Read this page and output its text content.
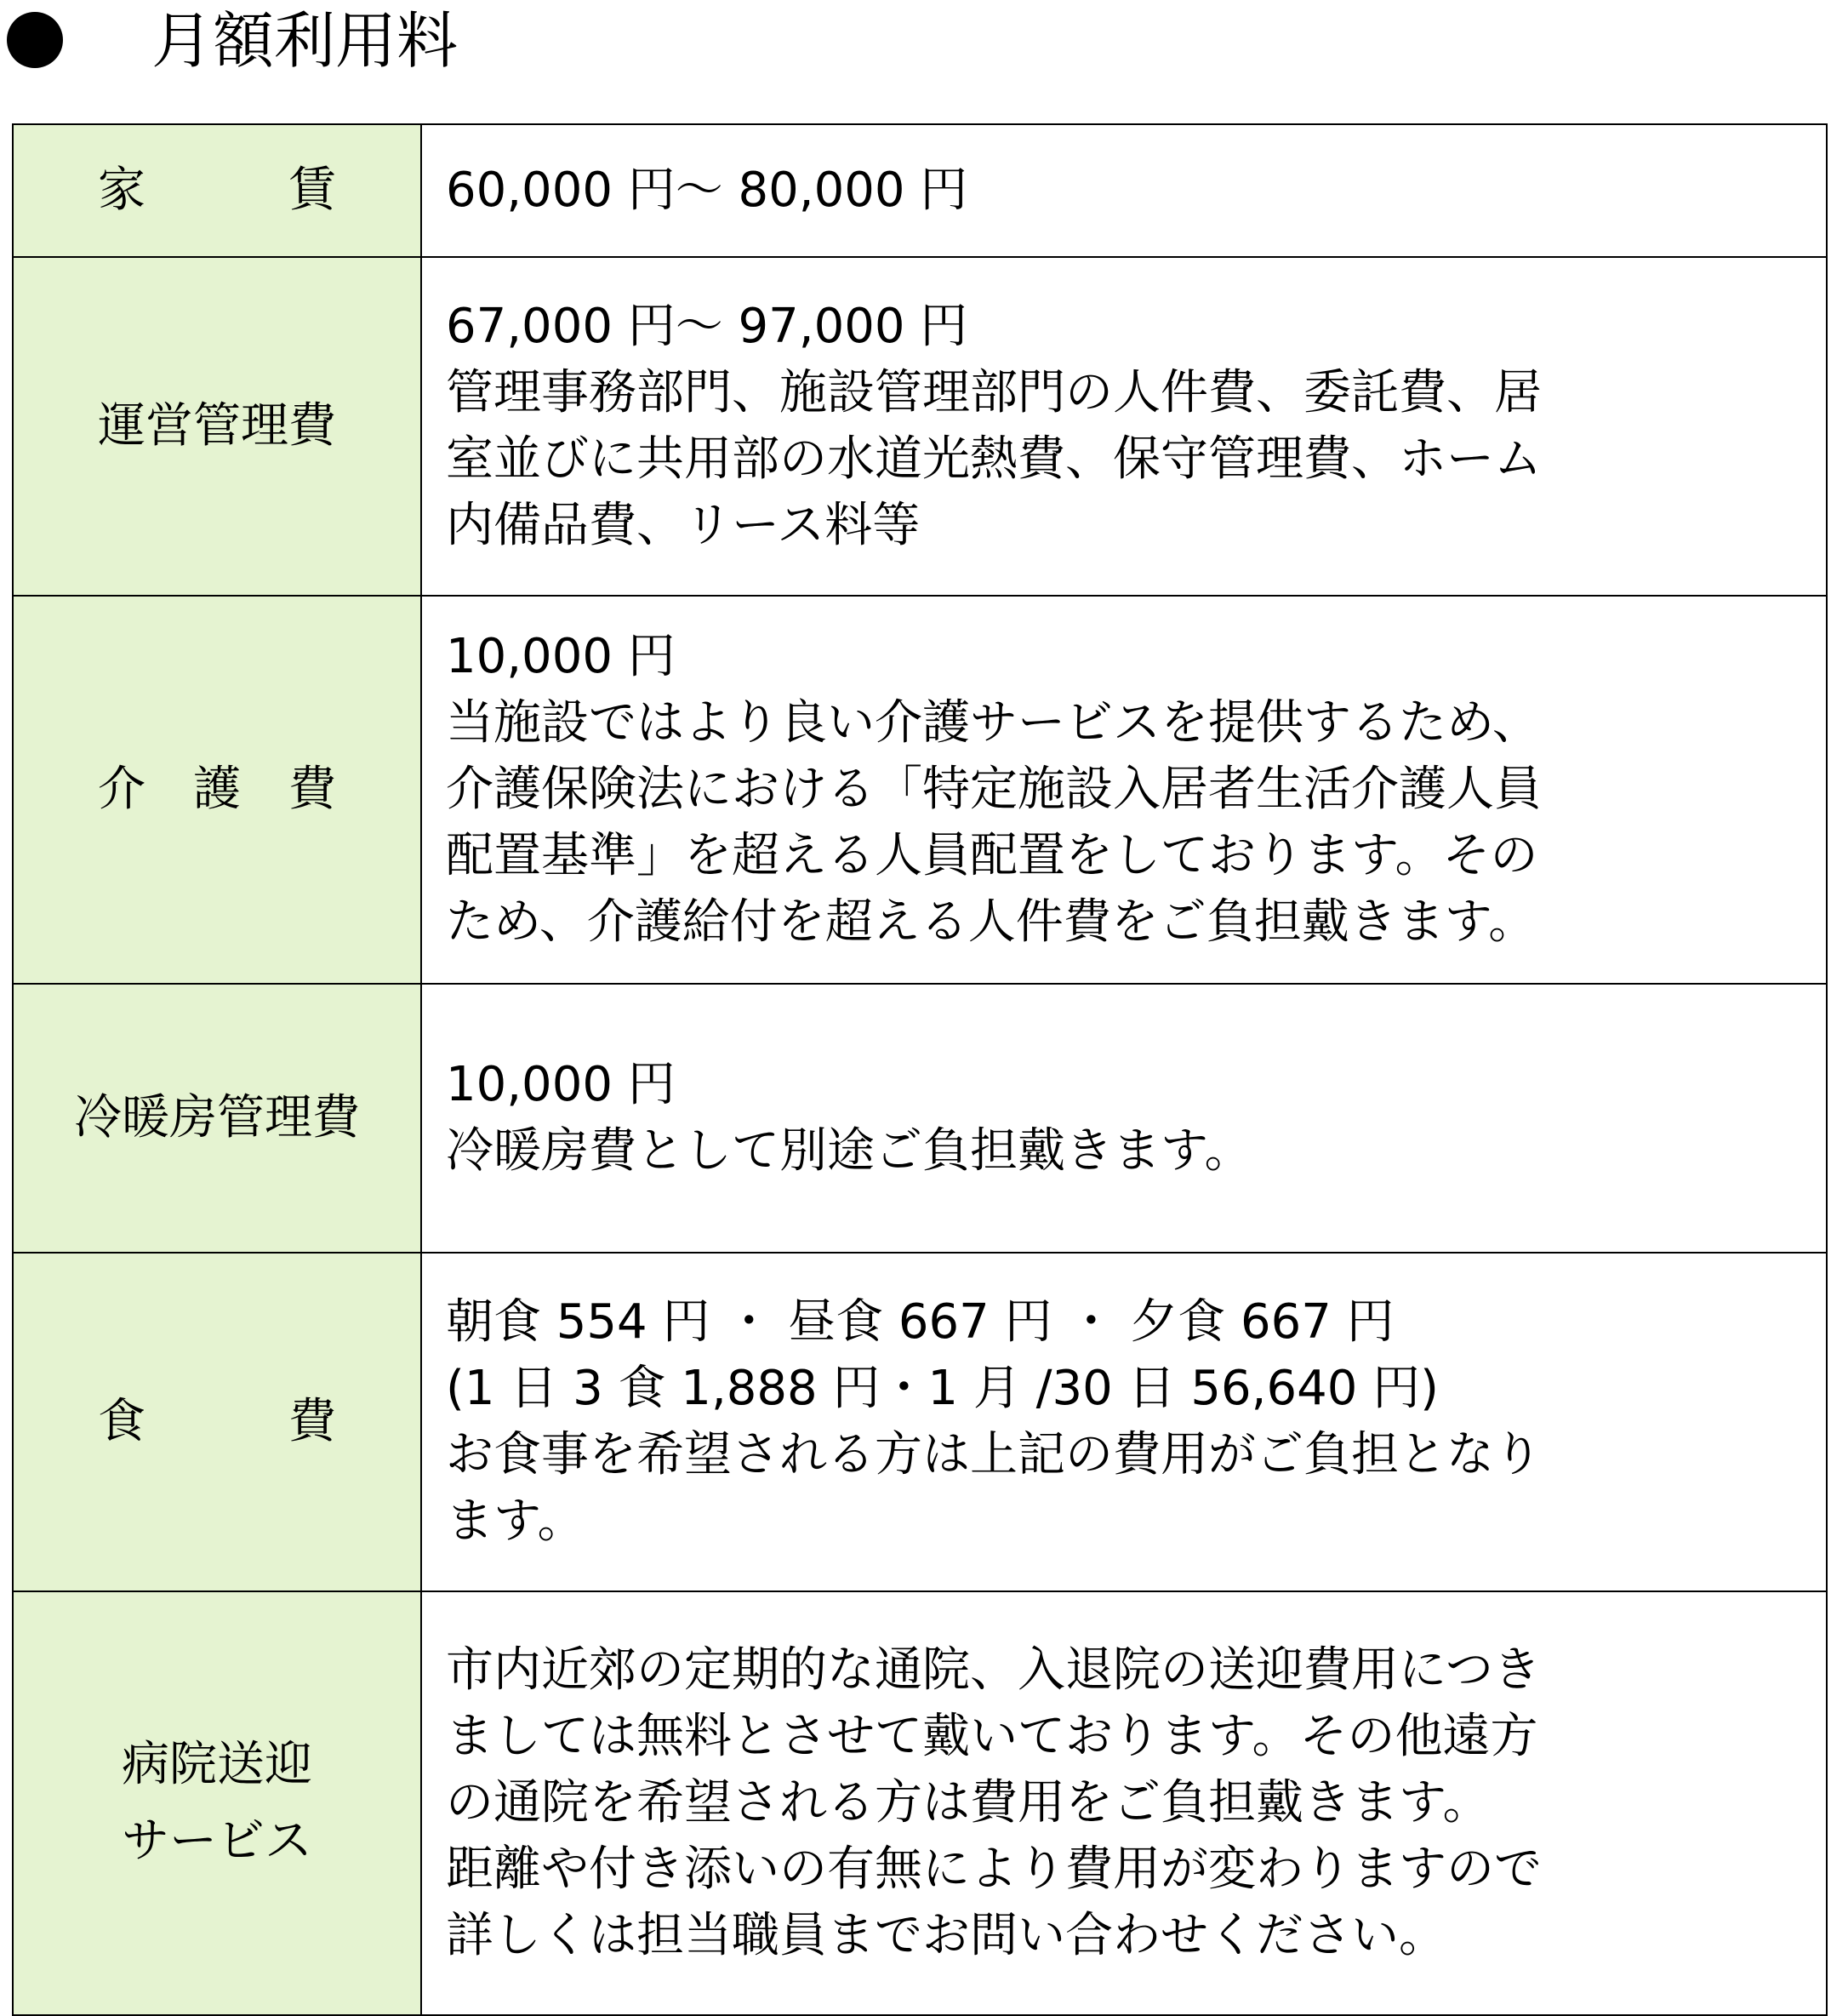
月額利用料
家　　　賃	60,000 円～ 80,000 円

運営管理費	67,000 円～ 97,000 円
管理事務部門、施設管理部門の人件費、委託費、居
室並びに共用部の水道光熱費、保守管理費、ホーム
内備品費、リース料等

介　護　費	10,000 円
当施設ではより良い介護サービスを提供するため、
介護保険法における「特定施設入居者生活介護人員
配置基準」を超える人員配置をしております。その
ため、介護給付を超える人件費をご負担戴きます。

冷暖房管理費	10,000 円
冷暖房費として別途ご負担戴きます。

食　　　費	朝食 554 円 ・ 昼食 667 円 ・ 夕食 667 円
(1 日 3 食 1,888 円・1 月 /30 日 56,640 円)
お食事を希望される方は上記の費用がご負担となり
ます。

病院送迎
サービス	市内近郊の定期的な通院、入退院の送迎費用につき
ましては無料とさせて戴いております。その他遠方
の通院を希望される方は費用をご負担戴きます。
距離や付き添いの有無により費用が変わりますので
詳しくは担当職員までお問い合わせください。
